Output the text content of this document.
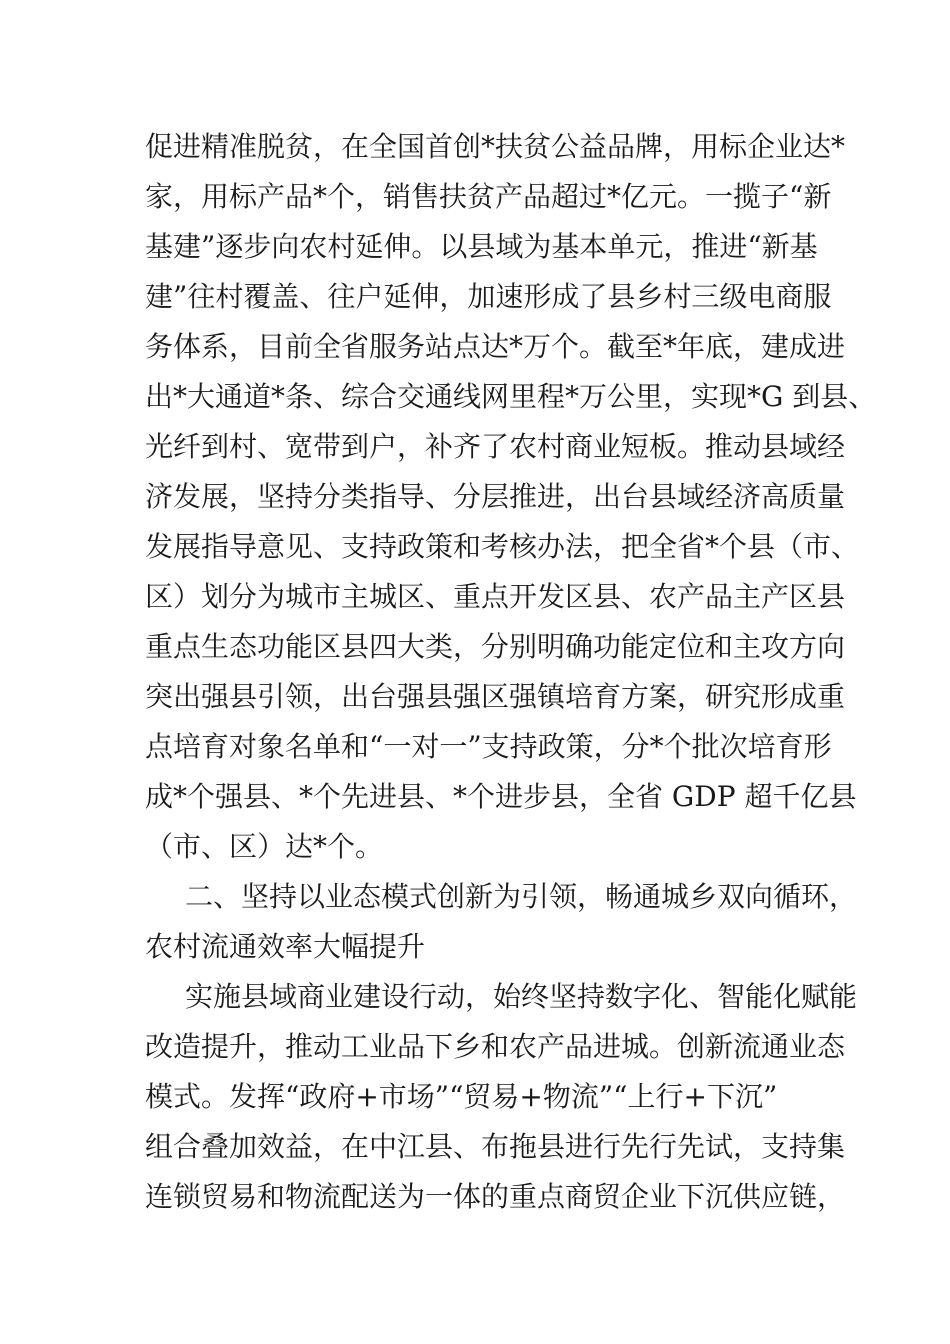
促进精准脱贫，在全国首创*扶贫公益品牌，用标企业达*
家，用标产品*个，销售扶贫产品超过*亿元。一揽子“新
基建”逐步向农村延伸。以县域为基本单元，推进“新基
建”往村覆盖、往户延伸，加速形成了县乡村三级电商服
务体系，目前全省服务站点达*万个。截至*年底，建成进
出*大通道*条、综合交通线网里程*万公里，实现*G 到县、
光纤到村、宽带到户，补齐了农村商业短板。推动县域经
济发展，坚持分类指导、分层推进，出台县域经济高质量
发展指导意见、支持政策和考核办法，把全省*个县（市、
区）划分为城市主城区、重点开发区县、农产品主产区县
重点生态功能区县四大类，分别明确功能定位和主攻方向
突出强县引领，出台强县强区强镇培育方案，研究形成重
点培育对象名单和“一对一”支持政策，分*个批次培育形
成*个强县、*个先进县、*个进步县，全省 GDP 超千亿县
（市、区）达*个。
二、坚持以业态模式创新为引领，畅通城乡双向循环，
农村流通效率大幅提升
实施县域商业建设行动，始终坚持数字化、智能化赋能
改造提升，推动工业品下乡和农产品进城。创新流通业态
模式。发挥“政府+市场”“贸易+物流”“上行+下沉”
组合叠加效益，在中江县、布拖县进行先行先试，支持集
连锁贸易和物流配送为一体的重点商贸企业下沉供应链，
